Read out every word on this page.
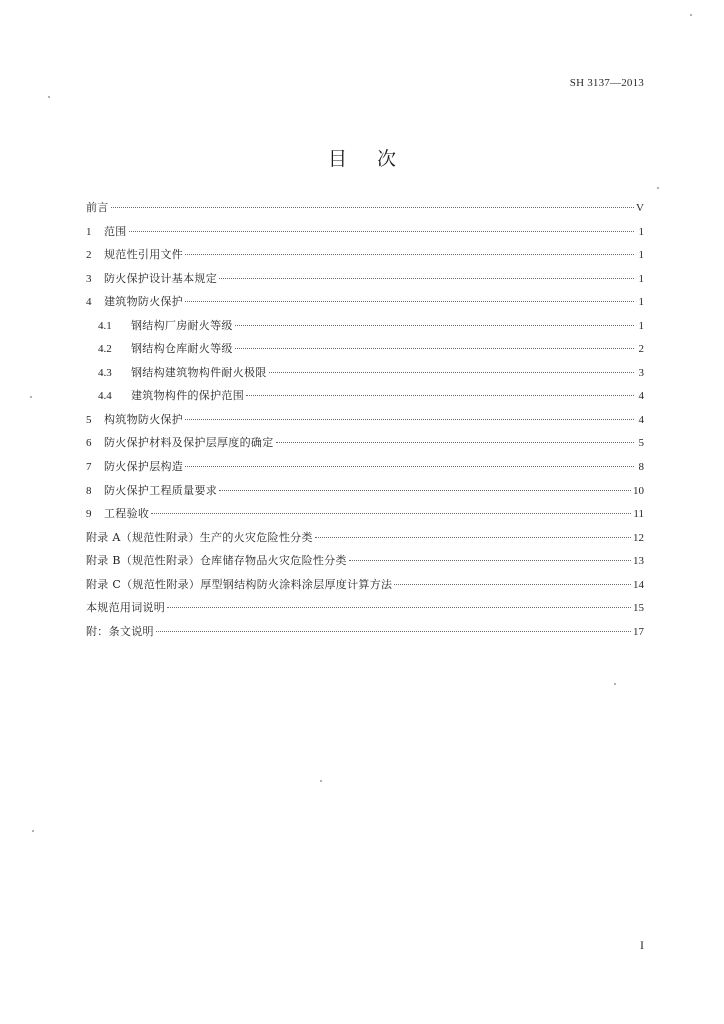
SH 3137—2013
目次
前言	V
1	范围	1
2	规范性引用文件	1
3	防火保护设计基本规定	1
4	建筑物防火保护	1
4.1	钢结构厂房耐火等级	1
4.2	钢结构仓库耐火等级	2
4.3	钢结构建筑物构件耐火极限	3
4.4	建筑物构件的保护范围	4
5	构筑物防火保护	4
6	防火保护材料及保护层厚度的确定	5
7	防火保护层构造	8
8	防火保护工程质量要求	10
9	工程验收	11
附录 A（规范性附录）生产的火灾危险性分类	12
附录 B（规范性附录）仓库储存物品火灾危险性分类	13
附录 C（规范性附录）厚型钢结构防火涂料涂层厚度计算方法	14
本规范用词说明	15
附：条文说明	17
I
